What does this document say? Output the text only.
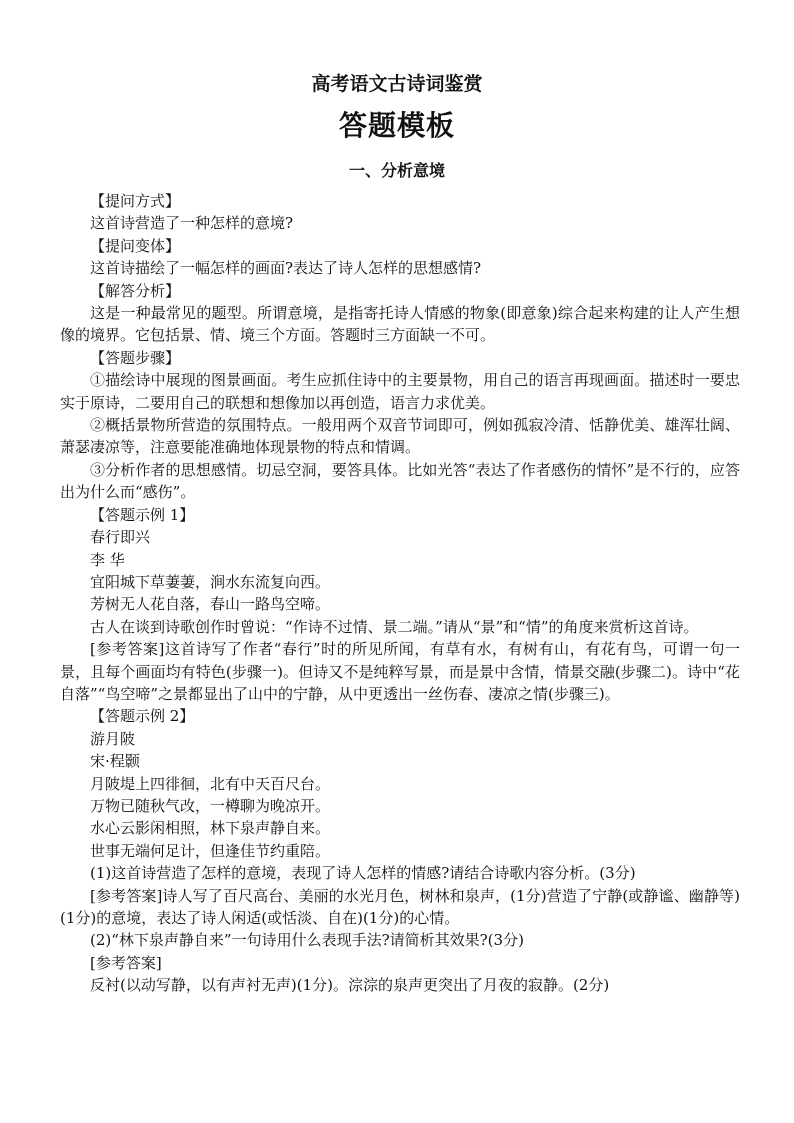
高考语文古诗词鉴赏
答题模板
一、分析意境

【提问方式】

这首诗营造了一种怎样的意境?

【提问变体】

这首诗描绘了一幅怎样的画面?表达了诗人怎样的思想感情?

【解答分析】

这是一种最常见的题型。所谓意境，是指寄托诗人情感的物象(即意象)综合起来构建的让人产生想像的境界。它包括景、情、境三个方面。答题时三方面缺一不可。

【答题步骤】

①描绘诗中展现的图景画面。考生应抓住诗中的主要景物，用自己的语言再现画面。描述时一要忠实于原诗，二要用自己的联想和想像加以再创造，语言力求优美。

②概括景物所营造的氛围特点。一般用两个双音节词即可，例如孤寂冷清、恬静优美、雄浑壮阔、萧瑟凄凉等，注意要能准确地体现景物的特点和情调。

③分析作者的思想感情。切忌空洞，要答具体。比如光答“表达了作者感伤的情怀”是不行的，应答出为什么而“感伤”。

【答题示例 1】

春行即兴

李 华

宜阳城下草萋萋，涧水东流复向西。

芳树无人花自落，春山一路鸟空啼。

古人在谈到诗歌创作时曾说：“作诗不过情、景二端。”请从“景”和“情”的角度来赏析这首诗。

[参考答案]这首诗写了作者“春行”时的所见所闻，有草有水，有树有山，有花有鸟，可谓一句一景，且每个画面均有特色(步骤一)。但诗又不是纯粹写景，而是景中含情，情景交融(步骤二)。诗中“花自落”“鸟空啼”之景都显出了山中的宁静，从中更透出一丝伤春、凄凉之情(步骤三)。

【答题示例 2】

游月陂

宋·程颢

月陂堤上四徘徊，北有中天百尺台。

万物已随秋气改，一樽聊为晚凉开。

水心云影闲相照，林下泉声静自来。

世事无端何足计，但逢佳节约重陪。

(1)这首诗营造了怎样的意境，表现了诗人怎样的情感?请结合诗歌内容分析。(3分)

[参考答案]诗人写了百尺高台、美丽的水光月色，树林和泉声，(1分)营造了宁静(或静谧、幽静等)(1分)的意境，表达了诗人闲适(或恬淡、自在)(1分)的心情。

(2)“林下泉声静自来”一句诗用什么表现手法?请简析其效果?(3分)

[参考答案]

反衬(以动写静，以有声衬无声)(1分)。淙淙的泉声更突出了月夜的寂静。(2分)
